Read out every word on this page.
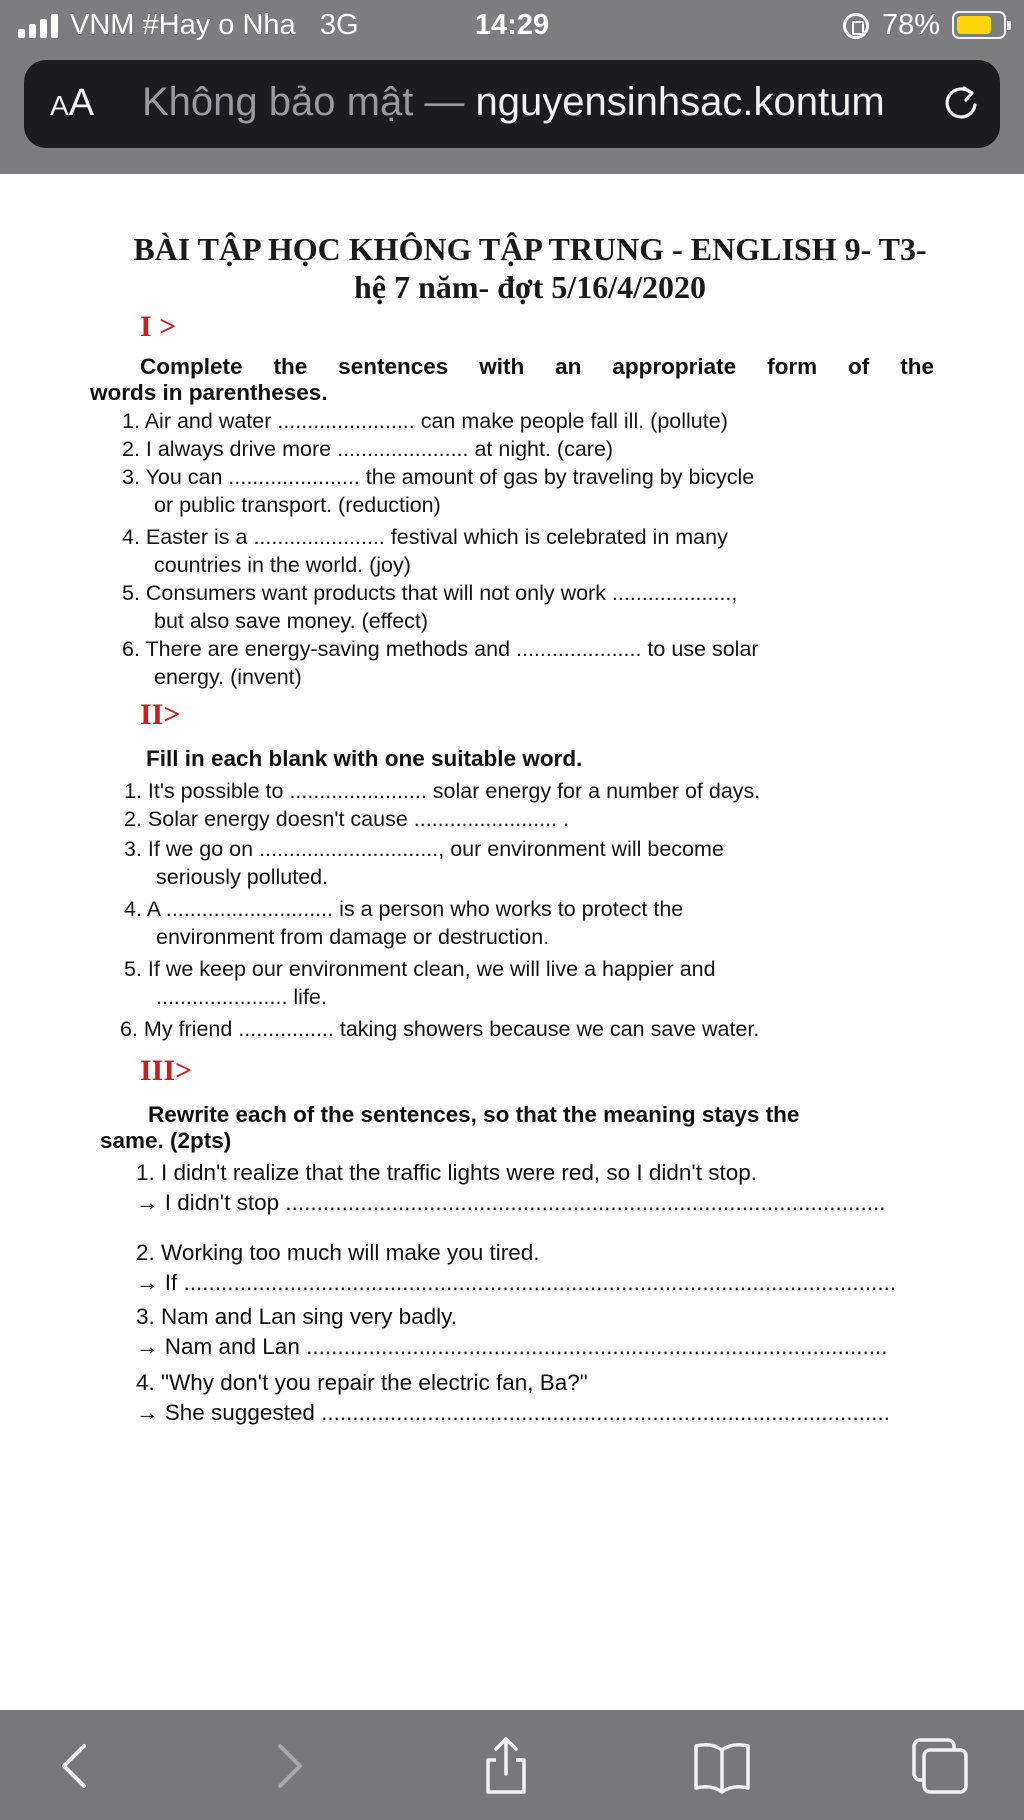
VNM #Hay o Nha 3G	14:29	78%
AA Không bảo mật — nguyensinhsac.kontum
BÀI TẬP HỌC KHÔNG TẬP TRUNG - ENGLISH 9- T3-
hệ 7 năm- đợt 5/16/4/2020
I >
Complete the sentences with an appropriate form of the
words in parentheses.
1. Air and water ....................... can make people fall ill. (pollute)
2. I always drive more ...................... at night. (care)
3. You can ...................... the amount of gas by traveling by bicycle
or public transport. (reduction)
4. Easter is a ...................... festival which is celebrated in many
countries in the world. (joy)
5. Consumers want products that will not only work ....................,
but also save money. (effect)
6. There are energy-saving methods and ..................... to use solar
energy. (invent)
II>
Fill in each blank with one suitable word.
1. It's possible to ....................... solar energy for a number of days.
2. Solar energy doesn't cause ........................ .
3. If we go on .............................., our environment will become
seriously polluted.
4. A ............................ is a person who works to protect the
environment from damage or destruction.
5. If we keep our environment clean, we will live a happier and
...................... life.
6. My friend ................ taking showers because we can save water.
III>
Rewrite each of the sentences, so that the meaning stays the
same. (2pts)
1. I didn't realize that the traffic lights were red, so I didn't stop.
→ I didn't stop ................................................................................................
2. Working too much will make you tired.
→ If ..................................................................................................................
3. Nam and Lan sing very badly.
→ Nam and Lan .............................................................................................
4. "Why don't you repair the electric fan, Ba?"
→ She suggested ...........................................................................................
